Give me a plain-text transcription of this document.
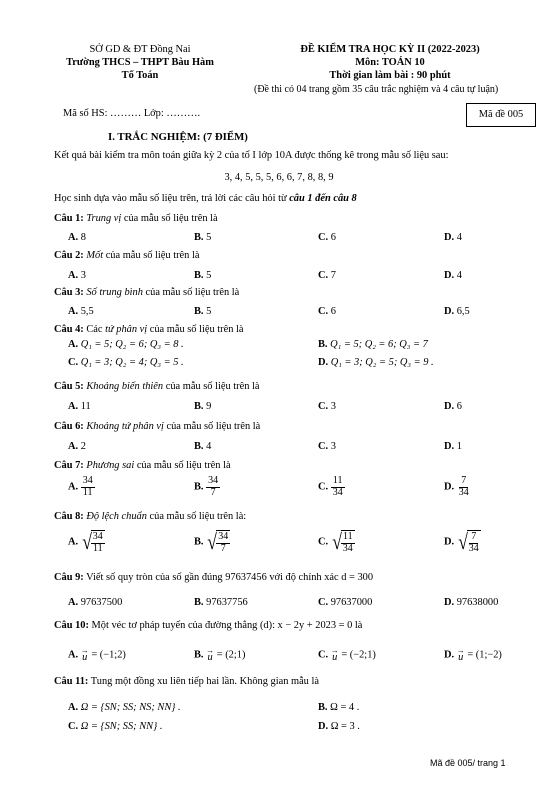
SỞ GD & ĐT Đồng Nai
Trường THCS – THPT Bàu Hàm
Tổ Toán
ĐỀ KIỂM TRA HỌC KỲ II (2022-2023)
Môn: TOÁN 10
Thời gian làm bài : 90 phút
(Đề thi có 04 trang gồm 35 câu trắc nghiệm và 4 câu tự luận)
Mã số HS: ……… Lớp: ……….	Mã đề 005
I. TRẮC NGHIỆM: (7 ĐIỂM)
Kết quả bài kiểm tra môn toán giữa kỳ 2 của tổ I lớp 10A được thống kê trong mẫu số liệu sau:
3, 4, 5, 5, 5, 6, 6, 7, 8, 8, 9
Học sinh dựa vào mẫu số liệu trên, trả lời các câu hỏi từ câu 1 đến câu 8
Câu 1: Trung vị của mẫu số liệu trên là
A. 8	B. 5	C. 6	D. 4
Câu 2: Mốt của mẫu số liệu trên là
A. 3	B. 5	C. 7	D. 4
Câu 3: Số trung bình của mẫu số liệu trên là
A. 5,5	B. 5	C. 6	D. 6,5
Câu 4: Các tứ phân vị của mẫu số liệu trên là
A. Q₁ = 5; Q₂ = 6; Q₃ = 8 .	B. Q₁ = 5; Q₂ = 6; Q₃ = 7
C. Q₁ = 3; Q₂ = 4; Q₃ = 5 .	D. Q₁ = 3; Q₂ = 5; Q₃ = 9 .
Câu 5: Khoảng biến thiên của mẫu số liệu trên là
A. 11	B. 9	C. 3	D. 6
Câu 6: Khoảng tứ phân vị của mẫu số liệu trên là
A. 2	B. 4	C. 3	D. 1
Câu 7: Phương sai của mẫu số liệu trên là
A. $\frac{34}{11}$	B. $\frac{34}{7}$	C. $\frac{11}{34}$	D. $\frac{7}{34}$
Câu 8: Độ lệch chuẩn của mẫu số liệu trên là:
A. √ $\frac{34}{11}$	B. √ $\frac{34}{7}$	C. √ $\frac{11}{34}$	D. √ $\frac{7}{34}$
Câu 9: Viết số quy tròn của số gần đúng 97637456 với độ chính xác d = 300
A. 97637500	B. 97637756	C. 97637000	D. 97638000
Câu 10: Một véc tơ pháp tuyến của đường thẳng (d): x − 2y + 2023 = 0 là
A. →
u = (−1;2)	B. →
u = (2;1)	C. →
u = (−2;1)	D. →
u = (1;−2)
Câu 11: Tung một đồng xu liên tiếp hai lần. Không gian mẫu là
A. Ω = {SN; SS; NS; NN} .	B. Ω = 4 .
C. Ω = {SN; SS; NN} .	D. Ω = 3 .
Mã đề 005/ trang 1
